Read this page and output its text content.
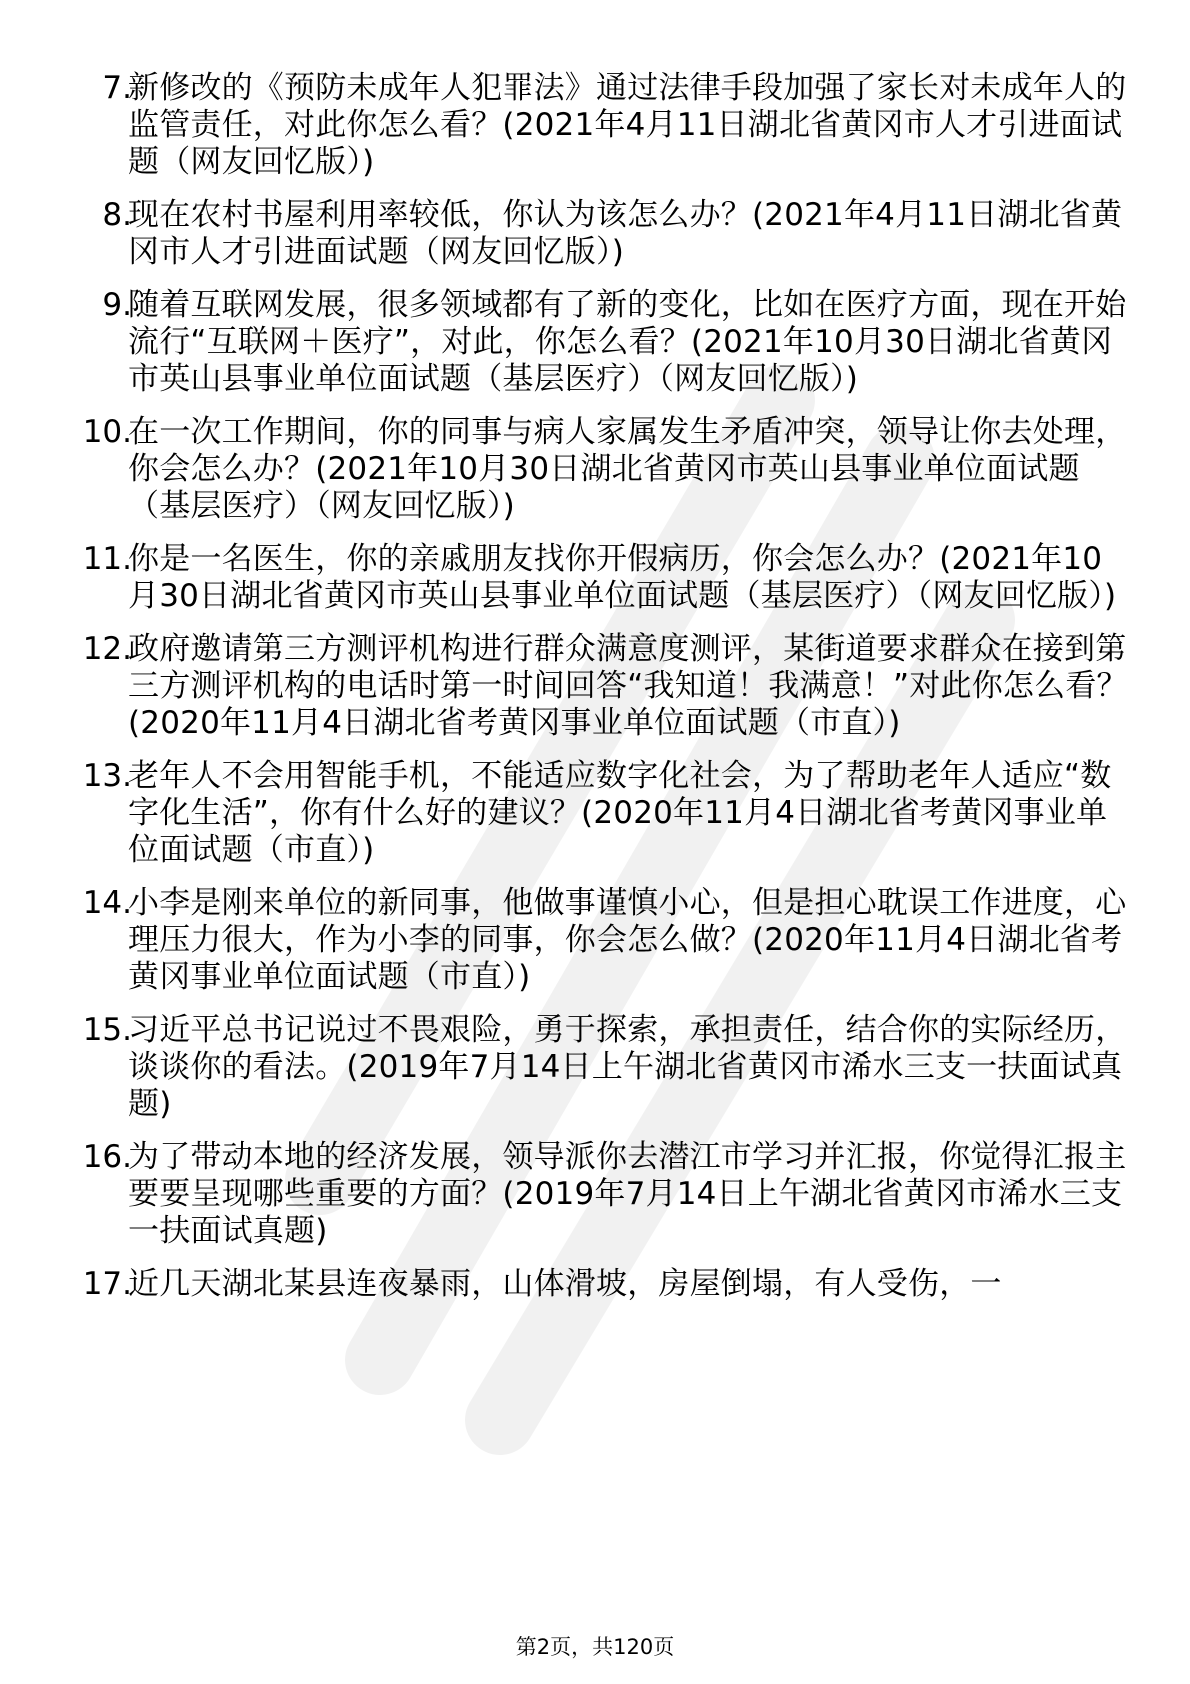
7.
新修改的《预防未成年人犯罪法》通过法律手段加强了家长对未成年人的监管责任，对此你怎么看？(2021年4月11日湖北省黄冈市人才引进面试题（网友回忆版）)
8.
现在农村书屋利用率较低，你认为该怎么办？(2021年4月11日湖北省黄冈市人才引进面试题（网友回忆版）)
9.
随着互联网发展，很多领域都有了新的变化，比如在医疗方面，现在开始流行“互联网＋医疗”，对此，你怎么看？(2021年10月30日湖北省黄冈市英山县事业单位面试题（基层医疗）（网友回忆版）)
10.
在一次工作期间，你的同事与病人家属发生矛盾冲突，领导让你去处理，你会怎么办？(2021年10月30日湖北省黄冈市英山县事业单位面试题（基层医疗）（网友回忆版）)
11.
你是一名医生，你的亲戚朋友找你开假病历，你会怎么办？(2021年10月30日湖北省黄冈市英山县事业单位面试题（基层医疗）（网友回忆版）)
12.
政府邀请第三方测评机构进行群众满意度测评，某街道要求群众在接到第三方测评机构的电话时第一时间回答“我知道！我满意！”对此你怎么看？(2020年11月4日湖北省考黄冈事业单位面试题（市直）)
13.
老年人不会用智能手机，不能适应数字化社会，为了帮助老年人适应“数字化生活”，你有什么好的建议？(2020年11月4日湖北省考黄冈事业单位面试题（市直）)
14.
小李是刚来单位的新同事，他做事谨慎小心，但是担心耽误工作进度，心理压力很大，作为小李的同事，你会怎么做？(2020年11月4日湖北省考黄冈事业单位面试题（市直）)
15.
习近平总书记说过不畏艰险，勇于探索，承担责任，结合你的实际经历，谈谈你的看法。(2019年7月14日上午湖北省黄冈市浠水三支一扶面试真题)
16.
为了带动本地的经济发展，领导派你去潜江市学习并汇报，你觉得汇报主要要呈现哪些重要的方面？(2019年7月14日上午湖北省黄冈市浠水三支一扶面试真题)
17.
近几天湖北某县连夜暴雨，山体滑坡，房屋倒塌，有人受伤，一
第2页，共120页
